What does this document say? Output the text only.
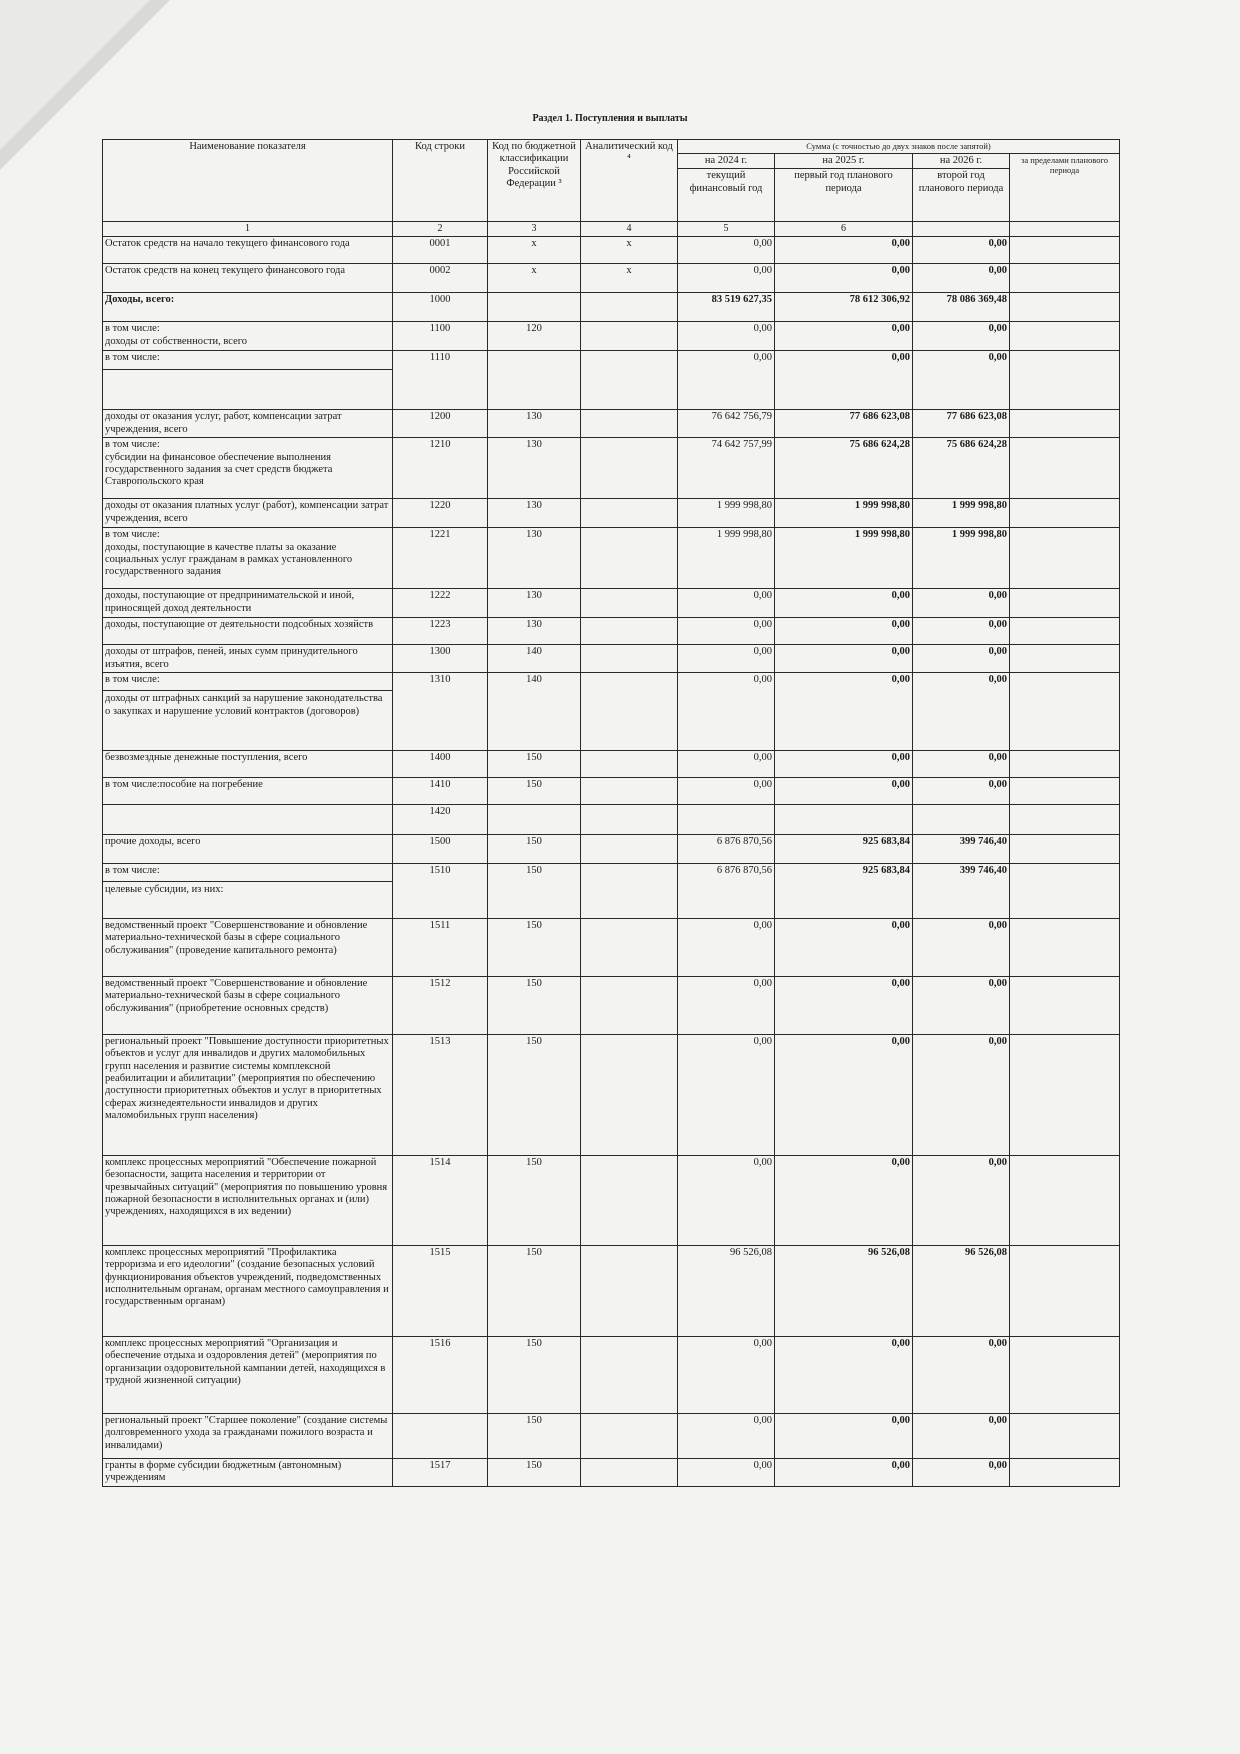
Раздел 1. Поступления и выплаты
Наименование показателя	Код строки	Код по бюджетной классификации Российской Федерации ³	Аналитический код ⁴	Сумма (с точностью до двух знаков после запятой)			
				на 2024 г.	на 2025 г.	на 2026 г.	за пределами планового периода
				текущий финансовый год	первый год планового периода	второй год планового периода	
1	2	3	4	5	6		
Остаток средств на начало текущего финансового года	0001	x	x	0,00	0,00	0,00	
Остаток средств на конец текущего финансового года	0002	x	x	0,00	0,00	0,00	
Доходы, всего:	1000			83 519 627,35	78 612 306,92	78 086 369,48	
в том числе:
доходы от собственности, всего	1100	120		0,00	0,00	0,00	
в том числе:	1110			0,00	0,00	0,00	
доходы от оказания услуг, работ, компенсации затрат учреждения, всего	1200	130		76 642 756,79	77 686 623,08	77 686 623,08	
в том числе:
субсидии на финансовое обеспечение выполнения государственного задания за счет средств бюджета Ставропольского края	1210	130		74 642 757,99	75 686 624,28	75 686 624,28	
доходы от оказания платных услуг (работ), компенсации затрат учреждения, всего	1220	130		1 999 998,80	1 999 998,80	1 999 998,80	
в том числе:
доходы, поступающие в качестве платы за оказание социальных услуг гражданам в рамках установленного государственного задания	1221	130		1 999 998,80	1 999 998,80	1 999 998,80	
доходы, поступающие от предпринимательской и иной, приносящей доход деятельности	1222	130		0,00	0,00	0,00	
доходы, поступающие от деятельности подсобных хозяйств	1223	130		0,00	0,00	0,00	
доходы от штрафов, пеней, иных сумм принудительного изъятия, всего	1300	140		0,00	0,00	0,00	
в том числе:
доходы от штрафных санкций за нарушение законодательства о закупках и нарушение условий контрактов (договоров)	1310	140		0,00	0,00	0,00	
безвозмездные денежные поступления, всего	1400	150		0,00	0,00	0,00	
в том числе:пособие на погребение	1410	150		0,00	0,00	0,00	
	1420						
прочие доходы, всего	1500	150		6 876 870,56	925 683,84	399 746,40	
в том числе:
целевые субсидии, из них:	1510	150		6 876 870,56	925 683,84	399 746,40	
ведомственный проект "Совершенствование и обновление материально-технической базы в сфере социального обслуживания" (проведение капитального ремонта)	1511	150		0,00	0,00	0,00	
ведомственный проект "Совершенствование и обновление материально-технической базы в сфере социального обслуживания" (приобретение основных средств)	1512	150		0,00	0,00	0,00	
региональный проект "Повышение доступности приоритетных объектов и услуг для инвалидов и других маломобильных групп населения и развитие системы комплексной реабилитации и абилитации" (мероприятия по обеспечению доступности приоритетных объектов и услуг в приоритетных сферах жизнедеятельности инвалидов и других маломобильных групп населения)	1513	150		0,00	0,00	0,00	
комплекс процессных мероприятий "Обеспечение пожарной безопасности, защита населения и территории от чрезвычайных ситуаций" (мероприятия по повышению уровня пожарной безопасности в исполнительных органах и (или) учреждениях, находящихся в их ведении)	1514	150		0,00	0,00	0,00	
комплекс процессных мероприятий "Профилактика терроризма и его идеологии" (создание безопасных условий функционирования объектов учреждений, подведомственных исполнительным органам, органам местного самоуправления и государственным органам)	1515	150		96 526,08	96 526,08	96 526,08	
комплекс процессных мероприятий "Организация и обеспечение отдыха и оздоровления детей" (мероприятия по организации оздоровительной кампании детей, находящихся в трудной жизненной ситуации)	1516	150		0,00	0,00	0,00	
региональный проект "Старшее поколение" (создание системы долговременного ухода за гражданами пожилого возраста и инвалидами)		150		0,00	0,00	0,00	
гранты в форме субсидии бюджетным (автономным) учреждениям	1517	150		0,00	0,00	0,00	
